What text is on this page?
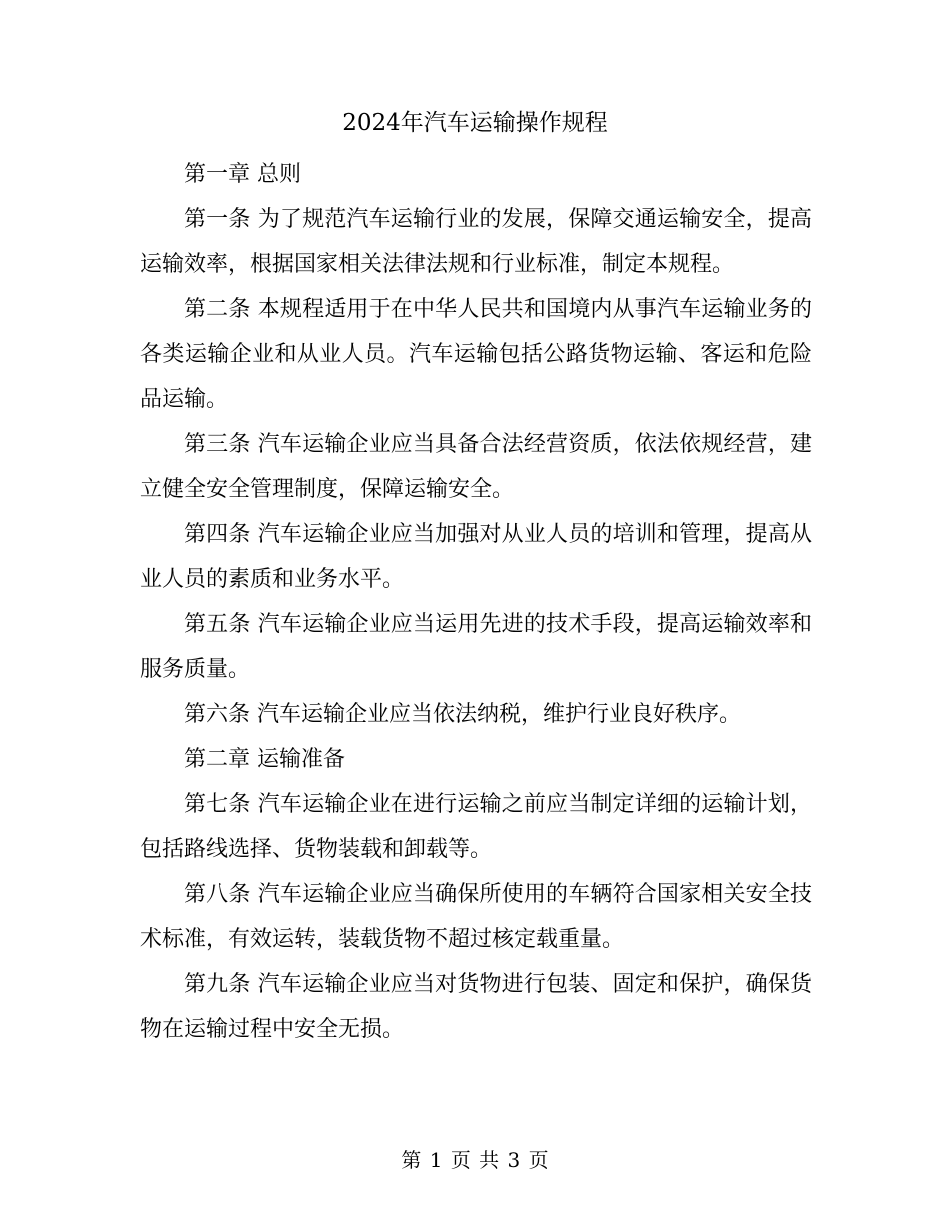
2024年汽车运输操作规程

第一章 总则

第一条 为了规范汽车运输行业的发展，保障交通运输安全，提高运输效率，根据国家相关法律法规和行业标准，制定本规程。

第二条 本规程适用于在中华人民共和国境内从事汽车运输业务的各类运输企业和从业人员。汽车运输包括公路货物运输、客运和危险品运输。

第三条 汽车运输企业应当具备合法经营资质，依法依规经营，建立健全安全管理制度，保障运输安全。

第四条 汽车运输企业应当加强对从业人员的培训和管理，提高从业人员的素质和业务水平。

第五条 汽车运输企业应当运用先进的技术手段，提高运输效率和服务质量。

第六条 汽车运输企业应当依法纳税，维护行业良好秩序。

第二章 运输准备

第七条 汽车运输企业在进行运输之前应当制定详细的运输计划，包括路线选择、货物装载和卸载等。

第八条 汽车运输企业应当确保所使用的车辆符合国家相关安全技术标准，有效运转，装载货物不超过核定载重量。

第九条 汽车运输企业应当对货物进行包装、固定和保护，确保货物在运输过程中安全无损。

第 1 页 共 3 页
